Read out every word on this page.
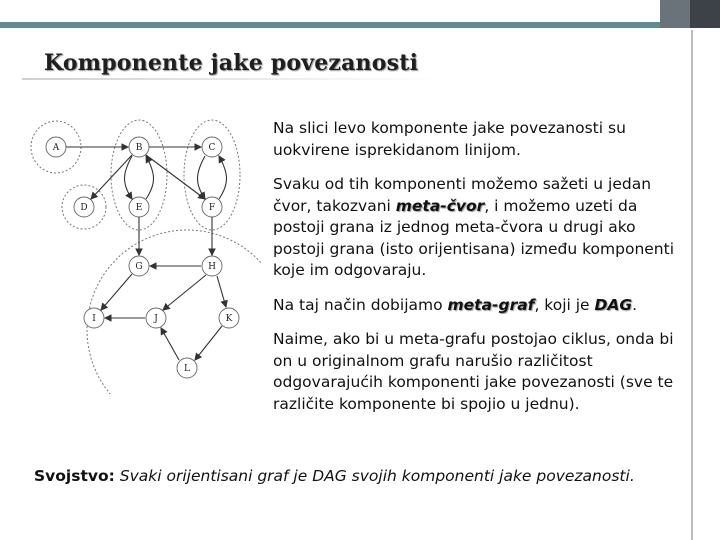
Komponente jake povezanosti
A	B	C
D	E	F
G	H
I	J	K
L

Na slici levo komponente jake povezanosti su uokvirene isprekidanom linijom.

Svaku od tih komponenti možemo sažeti u jedan čvor, takozvani meta-čvor, i možemo uzeti da postoji grana iz jednog meta-čvora u drugi ako postoji grana (isto orijentisana) između komponenti koje im odgovaraju.

Na taj način dobijamo meta-graf, koji je DAG.

Naime, ako bi u meta-grafu postojao ciklus, onda bi on u originalnom grafu narušio različitost odgovarajućih komponenti jake povezanosti (sve te različite komponente bi spojio u jednu).

Svojstvo: Svaki orijentisani graf je DAG svojih komponenti jake povezanosti.
